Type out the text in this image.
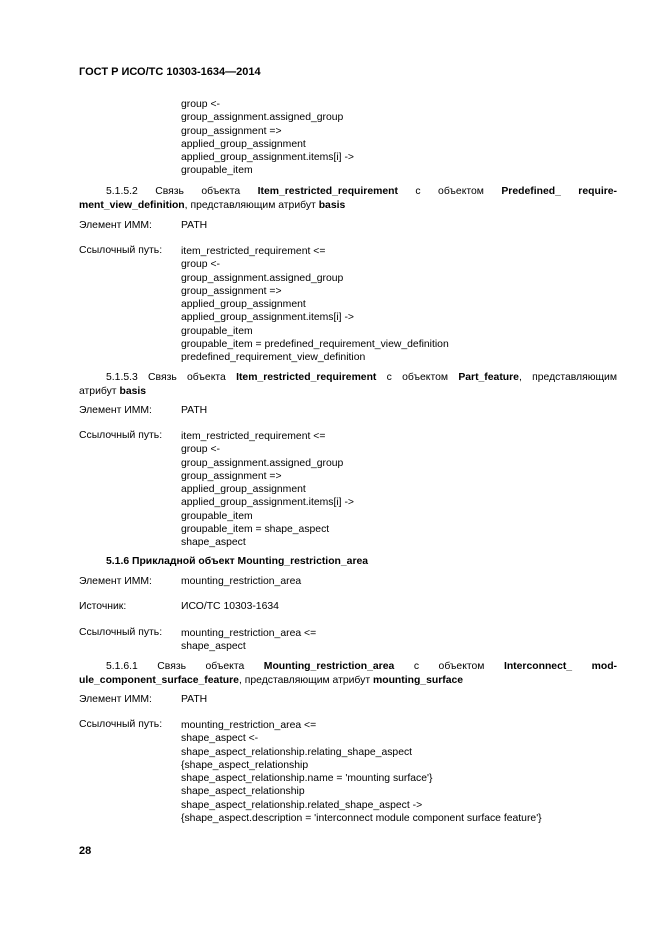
ГОСТ Р ИСО/ТС 10303-1634—2014
group <-
group_assignment.assigned_group
group_assignment =>
applied_group_assignment
applied_group_assignment.items[i] ->
groupable_item
5.1.5.2 Связь объекта Item_restricted_requirement с объектом Predefined_ require-
ment_view_definition, представляющим атрибут basis
Элемент ИММ:	PATH
Ссылочный путь: item_restricted_requirement <=
group <-
group_assignment.assigned_group
group_assignment =>
applied_group_assignment
applied_group_assignment.items[i] ->
groupable_item
groupable_item = predefined_requirement_view_definition
predefined_requirement_view_definition
5.1.5.3 Связь объекта Item_restricted_requirement с объектом Part_feature, представляющим
атрибут basis
Элемент ИММ:	PATH
Ссылочный путь: item_restricted_requirement <=
group <-
group_assignment.assigned_group
group_assignment =>
applied_group_assignment
applied_group_assignment.items[i] ->
groupable_item
groupable_item = shape_aspect
shape_aspect
5.1.6 Прикладной объект Mounting_restriction_area
Элемент ИММ:	mounting_restriction_area
Источник:	ИСО/ТС 10303-1634
Ссылочный путь: mounting_restriction_area <=
shape_aspect
5.1.6.1 Связь объекта Mounting_restriction_area с объектом Interconnect_ mod-
ule_component_surface_feature, представляющим атрибут mounting_surface
Элемент ИММ:	PATH
Ссылочный путь: mounting_restriction_area <=
shape_aspect <-
shape_aspect_relationship.relating_shape_aspect
{shape_aspect_relationship
shape_aspect_relationship.name = 'mounting surface'}
shape_aspect_relationship
shape_aspect_relationship.related_shape_aspect ->
{shape_aspect.description = 'interconnect module component surface feature'}
28
